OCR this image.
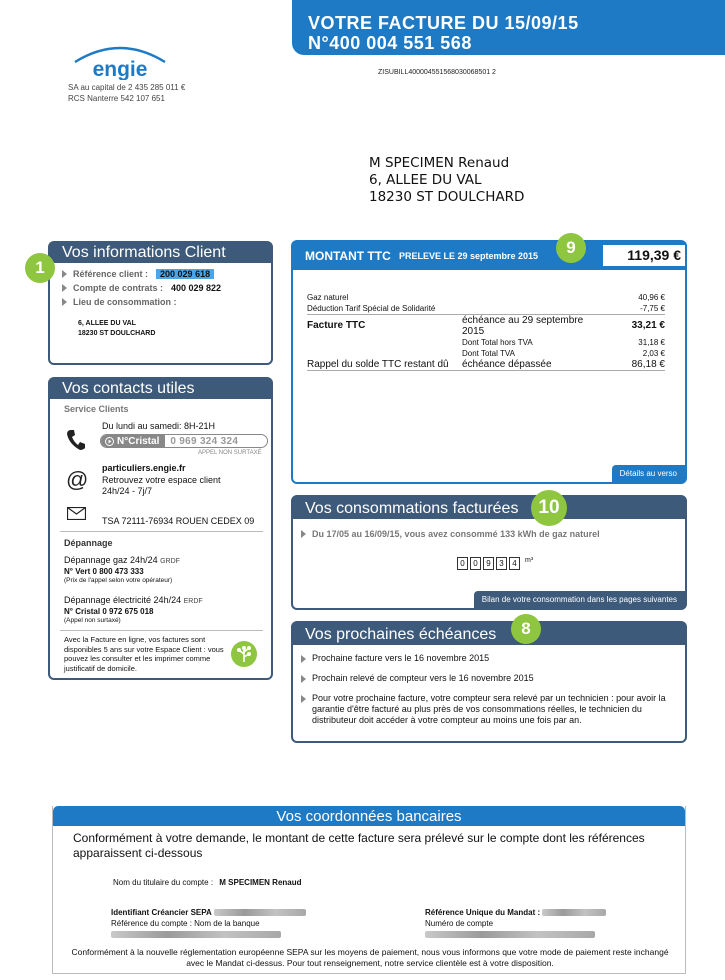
VOTRE FACTURE DU 15/09/15
N°400 004 551 568
ZISUBILL400004551568030068501 2
engie
SA au capital de 2 435 285 011 €
RCS Nanterre 542 107 651
M SPECIMEN Renaud
6, ALLEE DU VAL
18230 ST DOULCHARD
Vos informations Client
Référence client :	200 029 618
Compte de contrats : 400 029 822
Lieu de consommation :
6, ALLEE DU VAL
18230 ST DOULCHARD
1
Vos contacts utiles
Service Clients
Du lundi au samedi: 8H-21H
N°Cristal	0 969 324 324
APPEL NON SURTAXÉ
@ particuliers.engie.fr
Retrouvez votre espace client
24h/24 - 7j/7
TSA 72111-76934 ROUEN CEDEX 09
Dépannage
Dépannage gaz 24h/24 GRDF
N° Vert 0 800 473 333
(Prix de l'appel selon votre opérateur)
Dépannage électricité 24h/24 ERDF
N° Cristal 0 972 675 018
(Appel non surtaxé)
Avec la Facture en ligne, vos factures sont disponibles 5 ans sur votre Espace Client : vous pouvez les consulter et les imprimer comme justificatif de domicile.
MONTANT TTC PRELEVE LE 29 septembre 2015	119,39 €
Gaz naturel		40,96 €
Déduction Tarif Spécial de Solidarité		-7,75 €
Facture TTC	échéance au 29 septembre 2015	33,21 €
	Dont Total hors TVA	31,18 €
	Dont Total TVA	2,03 €
Rappel du solde TTC restant dû	échéance dépassée	86,18 €
Détails au verso
9
Vos consommations facturées
Du 17/05 au 16/09/15, vous avez consommé 133 kWh de gaz naturel
0	0	9	3	4	m³
Bilan de votre consommation dans les pages suivantes
10
Vos prochaines échéances
Prochaine facture vers le 16 novembre 2015
Prochain relevé de compteur vers le 16 novembre 2015
Pour votre prochaine facture, votre compteur sera relevé par un technicien : pour avoir la garantie d'être facturé au plus près de vos consommations réelles, le technicien du distributeur doit accéder à votre compteur au moins une fois par an.
8
Vos coordonnées bancaires
Conformément à votre demande, le montant de cette facture sera prélevé sur le compte dont les références apparaissent ci-dessous
Nom du titulaire du compte : M SPECIMEN Renaud
Identifiant Créancier SEPA
Référence du compte : Nom de la banque
Référence Unique du Mandat :
Numéro de compte
Conformément à la nouvelle réglementation européenne SEPA sur les moyens de paiement, nous vous informons que votre mode de paiement reste inchangé avec le Mandat ci-dessus. Pour tout renseignement, notre service clientèle est à votre disposition.
